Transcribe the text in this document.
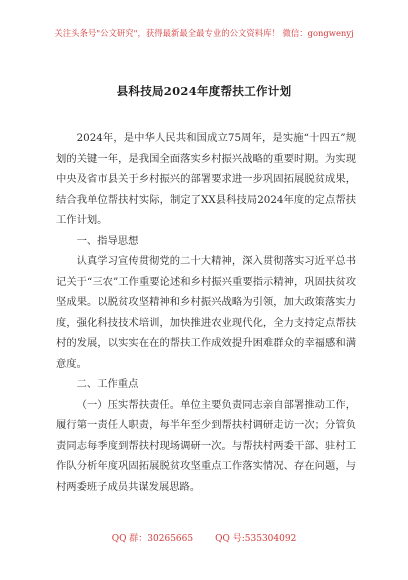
关注头条号"公文研究"，获得最新最全最专业的公文资料库！ 微信：gongwenyj
县科技局2024年度帮扶工作计划

2024年，是中华人民共和国成立75周年，是实施“十四五”规划的关键一年，是我国全面落实乡村振兴战略的重要时期。为实现中央及省市县关于乡村振兴的部署要求进一步巩固拓展脱贫成果，结合我单位帮扶村实际，制定了XX县科技局2024年度的定点帮扶工作计划。

一、指导思想

认真学习宣传贯彻党的二十大精神，深入贯彻落实习近平总书记关于“三农”工作重要论述和乡村振兴重要指示精神，巩固扶贫攻坚成果。以脱贫攻坚精神和乡村振兴战略为引领，加大政策落实力度，强化科技技术培训，加快推进农业现代化，全力支持定点帮扶村的发展，以实实在在的帮扶工作成效提升困难群众的幸福感和满意度。

二、工作重点

（一）压实帮扶责任。单位主要负责同志亲自部署推动工作，履行第一责任人职责，每半年至少到帮扶村调研走访一次；分管负责同志每季度到帮扶村现场调研一次。与帮扶村两委干部、驻村工作队分析年度巩固拓展脱贫攻坚重点工作落实情况、存在问题，与村两委班子成员共谋发展思路。

QQ 群：30265665 QQ 号:535304092
